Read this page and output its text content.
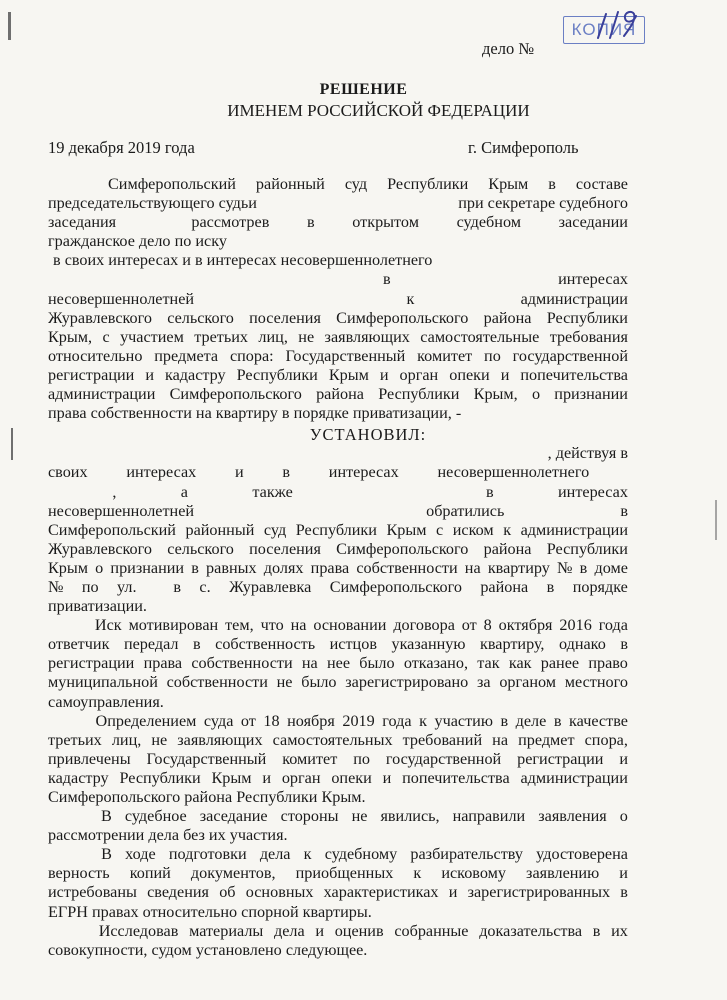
КОПИЯ
дело №
РЕШЕНИЕ
ИМЕНЕМ РОССИЙСКОЙ ФЕДЕРАЦИИ
19 декабря 2019 года	г. Симферополь
Симферопольский районный суд Республики Крым в составе
председательствующего судьи	при секретаре судебного
заседания	рассмотрев в открытом судебном заседании
гражданское дело по иску
в своих интересах и в интересах несовершеннолетнего
в	интересах
несовершеннолетней	к	администрации
Журавлевского сельского поселения Симферопольского района Республики
Крым, с участием третьих лиц, не заявляющих самостоятельные требования
относительно предмета спора: Государственный комитет по государственной
регистрации и кадастру Республики Крым и орган опеки и попечительства
администрации Симферопольского района Республики Крым, о признании
права собственности на квартиру в порядке приватизации, -
УСТАНОВИЛ:
, действуя в
своих интересах и в интересах несовершеннолетнего
,	а	также	в	интересах
несовершеннолетней	обратились	в
Симферопольский районный суд Республики Крым с иском к администрации
Журавлевского сельского поселения Симферопольского района Республики
Крым о признании в равных долях права собственности на квартиру № в доме
№ по ул. в с. Журавлевка Симферопольского района в порядке
приватизации.
Иск мотивирован тем, что на основании договора от 8 октября 2016 года
ответчик передал в собственность истцов указанную квартиру, однако в
регистрации права собственности на нее было отказано, так как ранее право
муниципальной собственности не было зарегистрировано за органом местного
самоуправления.
Определением суда от 18 ноября 2019 года к участию в деле в качестве
третьих лиц, не заявляющих самостоятельных требований на предмет спора,
привлечены Государственный комитет по государственной регистрации и
кадастру Республики Крым и орган опеки и попечительства администрации
Симферопольского района Республики Крым.
В судебное заседание стороны не явились, направили заявления о
рассмотрении дела без их участия.
В ходе подготовки дела к судебному разбирательству удостоверена
верность копий документов, приобщенных к исковому заявлению и
истребованы сведения об основных характеристиках и зарегистрированных в
ЕГРН правах относительно спорной квартиры.
Исследовав материалы дела и оценив собранные доказательства в их
совокупности, судом установлено следующее.
